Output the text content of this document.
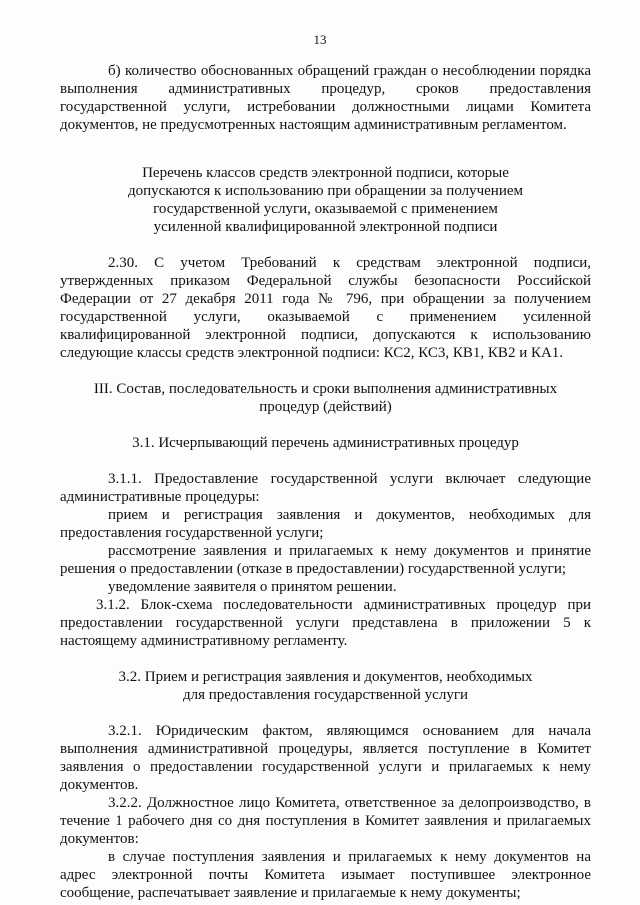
13

б) количество обоснованных обращений граждан о несоблюдении порядка выполнения административных процедур, сроков предоставления государственной услуги, истребовании должностными лицами Комитета документов, не предусмотренных настоящим административным регламентом.

Перечень классов средств электронной подписи, которые
допускаются к использованию при обращении за получением
государственной услуги, оказываемой с применением
усиленной квалифицированной электронной подписи

2.30. С учетом Требований к средствам электронной подписи, утвержденных приказом Федеральной службы безопасности Российской Федерации от 27 декабря 2011 года № 796, при обращении за получением государственной услуги, оказываемой с применением усиленной квалифицированной электронной подписи, допускаются к использованию следующие классы средств электронной подписи: КС2, КС3, КВ1, КВ2 и КА1.

III. Состав, последовательность и сроки выполнения административных
процедур (действий)
3.1. Исчерпывающий перечень административных процедур

3.1.1. Предоставление государственной услуги включает следующие административные процедуры:

прием и регистрация заявления и документов, необходимых для предоставления государственной услуги;

рассмотрение заявления и прилагаемых к нему документов и принятие решения о предоставлении (отказе в предоставлении) государственной услуги;

уведомление заявителя о принятом решении.

3.1.2. Блок-схема последовательности административных процедур при предоставлении государственной услуги представлена в приложении 5 к настоящему административному регламенту.

3.2. Прием и регистрация заявления и документов, необходимых
для предоставления государственной услуги

3.2.1. Юридическим фактом, являющимся основанием для начала выполнения административной процедуры, является поступление в Комитет заявления о предоставлении государственной услуги и прилагаемых к нему документов.

3.2.2. Должностное лицо Комитета, ответственное за делопроизводство, в течение 1 рабочего дня со дня поступления в Комитет заявления и прилагаемых документов:

в случае поступления заявления и прилагаемых к нему документов на адрес электронной почты Комитета изымает поступившее электронное сообщение, распечатывает заявление и прилагаемые к нему документы;
